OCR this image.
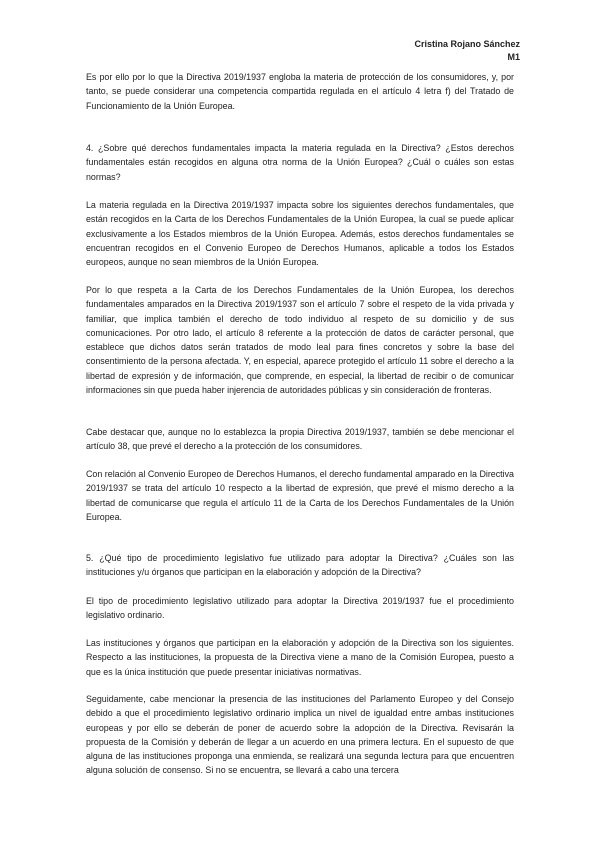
Cristina Rojano Sánchez
M1

Es por ello por lo que la Directiva 2019/1937 engloba la materia de protección de los consumidores, y, por tanto, se puede considerar una competencia compartida regulada en el artículo 4 letra f) del Tratado de Funcionamiento de la Unión Europea.

4. ¿Sobre qué derechos fundamentales impacta la materia regulada en la Directiva? ¿Estos derechos fundamentales están recogidos en alguna otra norma de la Unión Europea? ¿Cuál o cuáles son estas normas?

La materia regulada en la Directiva 2019/1937 impacta sobre los siguientes derechos fundamentales, que están recogidos en la Carta de los Derechos Fundamentales de la Unión Europea, la cual se puede aplicar exclusivamente a los Estados miembros de la Unión Europea. Además, estos derechos fundamentales se encuentran recogidos en el Convenio Europeo de Derechos Humanos, aplicable a todos los Estados europeos, aunque no sean miembros de la Unión Europea.

Por lo que respeta a la Carta de los Derechos Fundamentales de la Unión Europea, los derechos fundamentales amparados en la Directiva 2019/1937 son el artículo 7 sobre el respeto de la vida privada y familiar, que implica también el derecho de todo individuo al respeto de su domicilio y de sus comunicaciones. Por otro lado, el artículo 8 referente a la protección de datos de carácter personal, que establece que dichos datos serán tratados de modo leal para fines concretos y sobre la base del consentimiento de la persona afectada. Y, en especial, aparece protegido el artículo 11 sobre el derecho a la libertad de expresión y de información, que comprende, en especial, la libertad de recibir o de comunicar informaciones sin que pueda haber injerencia de autoridades públicas y sin consideración de fronteras.

Cabe destacar que, aunque no lo establezca la propia Directiva 2019/1937, también se debe mencionar el artículo 38, que prevé el derecho a la protección de los consumidores.

Con relación al Convenio Europeo de Derechos Humanos, el derecho fundamental amparado en la Directiva 2019/1937 se trata del artículo 10 respecto a la libertad de expresión, que prevé el mismo derecho a la libertad de comunicarse que regula el artículo 11 de la Carta de los Derechos Fundamentales de la Unión Europea.

5. ¿Qué tipo de procedimiento legislativo fue utilizado para adoptar la Directiva? ¿Cuáles son las instituciones y/u órganos que participan en la elaboración y adopción de la Directiva?

El tipo de procedimiento legislativo utilizado para adoptar la Directiva 2019/1937 fue el procedimiento legislativo ordinario.

Las instituciones y órganos que participan en la elaboración y adopción de la Directiva son los siguientes. Respecto a las instituciones, la propuesta de la Directiva viene a mano de la Comisión Europea, puesto a que es la única institución que puede presentar iniciativas normativas.

Seguidamente, cabe mencionar la presencia de las instituciones del Parlamento Europeo y del Consejo debido a que el procedimiento legislativo ordinario implica un nivel de igualdad entre ambas instituciones europeas y por ello se deberán de poner de acuerdo sobre la adopción de la Directiva. Revisarán la propuesta de la Comisión y deberán de llegar a un acuerdo en una primera lectura. En el supuesto de que alguna de las instituciones proponga una enmienda, se realizará una segunda lectura para que encuentren alguna solución de consenso. Si no se encuentra, se llevará a cabo una tercera
